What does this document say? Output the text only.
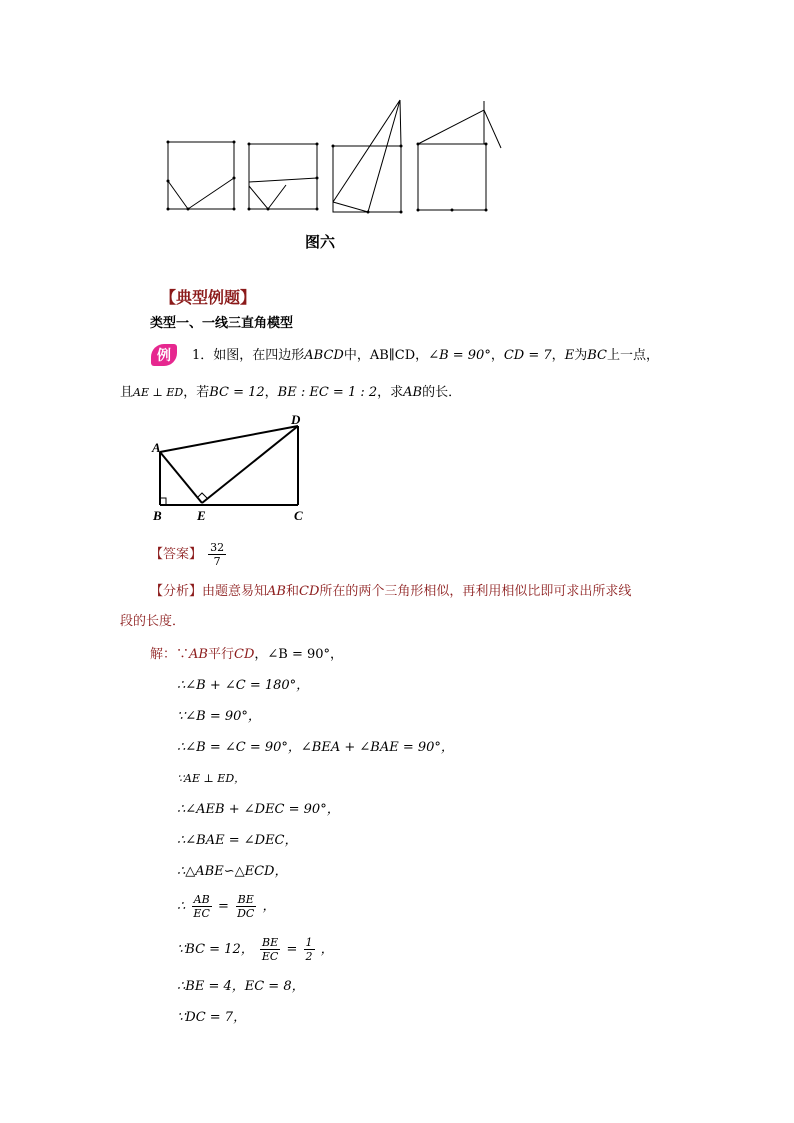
图六
【典型例题】
类型一、一线三直角模型
例	1．如图，在四边形ABCD中，AB∥CD，∠B = 90°，CD = 7，E为BC上一点，
且AE ⊥ ED，若BC = 12，BE : EC = 1 : 2，求AB的长．
A
B	E	C
D
【答案】 $\frac{32}{7}$
【分析】由题意易知AB和CD所在的两个三角形相似，再利用相似比即可求出所求线
段的长度．
解：∵AB平行CD，∠B = 90°，
∴∠B + ∠C = 180°，
∵∠B = 90°，
∴∠B = ∠C = 90°，∠BEA + ∠BAE = 90°，
∵AE ⊥ ED，
∴∠AEB + ∠DEC = 90°，
∴∠BAE = ∠DEC，
∴△ABE∽△ECD，
∴ $\frac{AB}{EC} = \frac{BE}{DC}$ ，
∵BC = 12， $\frac{BE}{EC} = \frac{1}{2}$ ，
∴BE = 4，EC = 8，
∵DC = 7，
